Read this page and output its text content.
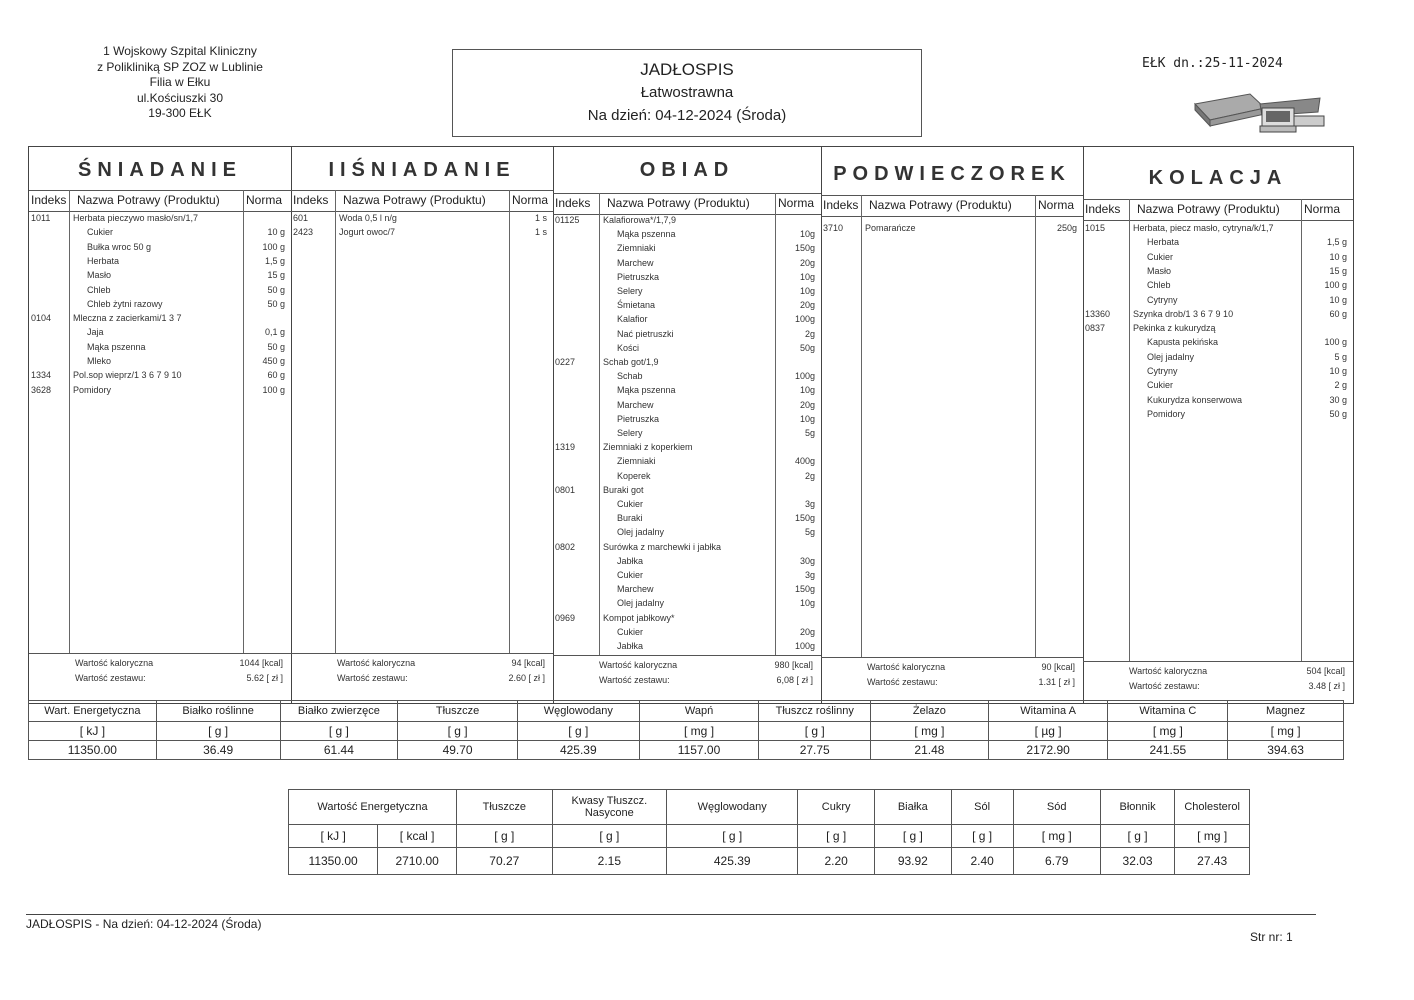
1 Wojskowy Szpital Kliniczny
z Polikliniką SP ZOZ w Lublinie
Filia w Ełku
ul.Kościuszki 30
19-300 EŁK
JADŁOSPIS
Łatwostrawna
Na dzień: 04-12-2024 (Środa)
EŁK dn.:25-11-2024
ŚNIADANIE
Indeks Nazwa Potrawy (Produktu) Norma
1011	Herbata pieczywo masło/sn/1,7
Cukier	10 g
Bułka wroc 50 g	100 g
Herbata	1,5 g
Masło	15 g
Chleb	50 g
Chleb żytni razowy	50 g
0104 Mleczna z zacierkami/1 3 7
Jaja	0,1 g
Mąka pszenna	50 g
Mleko	450 g
1334 Pol.sop wieprz/1 3 6 7 9 10	60 g
3628 Pomidory	100 g
Wartość kaloryczna	1044 [kcal]
Wartość zestawu:	5.62 [ zł ]
IIŚNIADANIE
Indeks Nazwa Potrawy (Produktu) Norma
601	Woda 0,5 l n/g	1 s
2423	Jogurt owoc/7	1 s
Wartość kaloryczna	94 [kcal]
Wartość zestawu:	2.60 [ zł ]
OBIAD
Indeks Nazwa Potrawy (Produktu) Norma
01125	Kalafiorowa*/1,7,9
Mąka pszenna	10g
Ziemniaki	150g
Marchew	20g
Pietruszka	10g
Selery	10g
Śmietana	20g
Kalafior	100g
Nać pietruszki	2g
Kości	50g
0227	Schab got/1,9
Schab	100g
Mąka pszenna	10g
Marchew	20g
Pietruszka	10g
Selery	5g
1319	Ziemniaki z koperkiem
Ziemniaki	400g
Koperek	2g
0801	Buraki got
Cukier	3g
Buraki	150g
Olej jadalny	5g
0802	Surówka z marchewki i jabłka
Jabłka	30g
Cukier	3g
Marchew	150g
Olej jadalny	10g
0969	Kompot jabłkowy*
Cukier	20g
Jabłka	100g
Wartość kaloryczna	980 [kcal]
Wartość zestawu:	6,08 [ zł ]
PODWIECZOREK
Indeks Nazwa Potrawy (Produktu) Norma
3710 Pomarańcze	250g
Wartość kaloryczna	90 [kcal]
Wartość zestawu:	1.31 [ zł ]
KOLACJA
Indeks Nazwa Potrawy (Produktu) Norma
1015	Herbata, piecz masło, cytryna/k/1,7
Herbata	1,5 g
Cukier	10 g
Masło	15 g
Chleb	100 g
Cytryny	10 g
13360	Szynka drob/1 3 6 7 9 10	60 g
0837	Pekinka z kukurydzą
Kapusta pekińska	100 g
Olej jadalny	5 g
Cytryny	10 g
Cukier	2 g
Kukurydza konserwowa	30 g
Pomidory	50 g
Wartość kaloryczna	504 [kcal]
Wartość zestawu:	3.48 [ zł ]
Wart. Energetyczna	Białko roślinne	Białko zwierzęce	Tłuszcze	Węglowodany	Wapń	Tłuszcz roślinny	Żelazo	Witamina A	Witamina C	Magnez
[ kJ ]	[ g ]	[ g ]	[ g ]	[ g ]	[ mg ]	[ g ]	[ mg ]	[ µg ]	[ mg ]	[ mg ]
11350.00	36.49	61.44	49.70	425.39	1157.00	27.75	21.48	2172.90	241.55	394.63
Wartość Energetyczna		Tłuszcze	Kwasy Tłuszcz. Nasycone	Węglowodany	Cukry	Białka	Sól	Sód	Błonnik	Cholesterol
[ kJ ]	[ kcal ]	[ g ]	[ g ]	[ g ]	[ g ]	[ g ]	[ g ]	[ mg ]	[ g ]	[ mg ]
11350.00	2710.00	70.27	2.15	425.39	2.20	93.92	2.40	6.79	32.03	27.43
JADŁOSPIS - Na dzień: 04-12-2024 (Środa)
Str nr: 1
